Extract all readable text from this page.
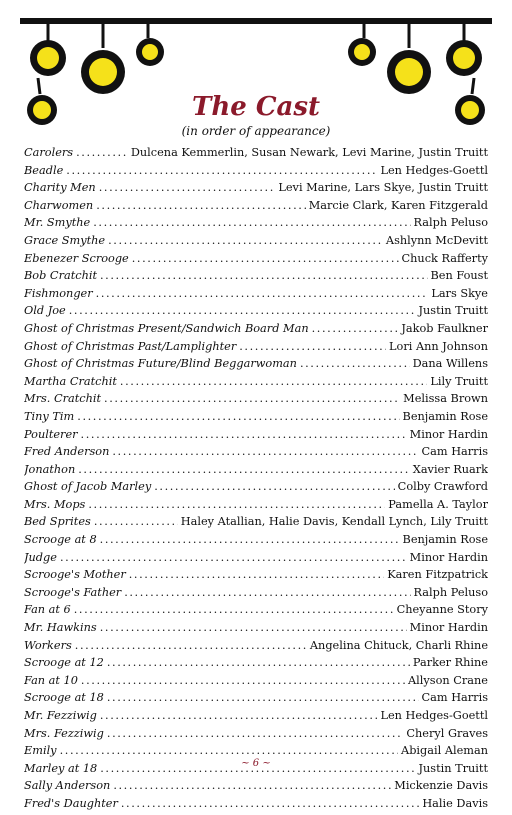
The Cast

(in order of appearance)

Carolers . . .	Dulcena Kemmerlin, Susan Newark, Levi Marine, Justin Truitt
Beadle . . .	Len Hedges-Goettl
Charity Men . . .	Levi Marine, Lars Skye, Justin Truitt
Charwomen . . .	Marcie Clark, Karen Fitzgerald
Mr. Smythe . . .	Ralph Peluso
Grace Smythe . . .	Ashlynn McDevitt
Ebenezer Scrooge . . .	Chuck Rafferty
Bob Cratchit . . .	Ben Foust
Fishmonger . . .	Lars Skye
Old Joe . . .	Justin Truitt
Ghost of Christmas Present/Sandwich Board Man . . .	Jakob Faulkner
Ghost of Christmas Past/Lamplighter . . .	Lori Ann Johnson
Ghost of Christmas Future/Blind Beggarwoman . . .	Dana Willens
Martha Cratchit . . .	Lily Truitt
Mrs. Cratchit . . .	Melissa Brown
Tiny Tim . . .	Benjamin Rose
Poulterer . . .	Minor Hardin
Fred Anderson . . .	Cam Harris
Jonathon . . .	Xavier Ruark
Ghost of Jacob Marley . . .	Colby Crawford
Mrs. Mops . . .	Pamella A. Taylor
Bed Sprites . . .	Haley Atallian, Halie Davis, Kendall Lynch, Lily Truitt
Scrooge at 8 . . .	Benjamin Rose
Judge . . .	Minor Hardin
Scrooge's Mother . . .	Karen Fitzpatrick
Scrooge's Father . . .	Ralph Peluso
Fan at 6 . . .	Cheyanne Story
Mr. Hawkins . . .	Minor Hardin
Workers . . .	Angelina Chituck, Charli Rhine
Scrooge at 12 . . .	Parker Rhine
Fan at 10 . . .	Allyson Crane
Scrooge at 18 . . .	Cam Harris
Mr. Fezziwig . . .	Len Hedges-Goettl
Mrs. Fezziwig . . .	Cheryl Graves
Emily . . .	Abigail Aleman
Marley at 18 . . .	Justin Truitt
Sally Anderson . . .	Mickenzie Davis
Fred's Daughter . . .	Halie Davis

~ 6 ~
